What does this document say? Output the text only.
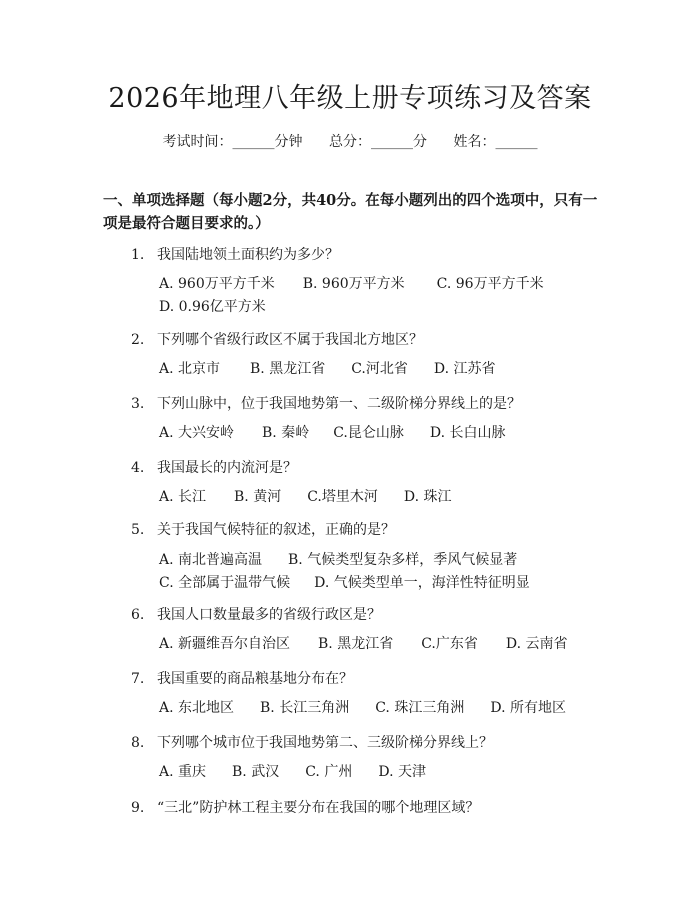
2026年地理八年级上册专项练习及答案
考试时间：______分钟 总分：______分 姓名：______
一、单项选择题（每小题2分，共40分。在每小题列出的四个选项中，只有一项是最符合题目要求的。）
1. 我国陆地领土面积约为多少？
A. 960万平方千米 B. 960万平方米 C. 96万平方千米D. 0.96亿平方米
2. 下列哪个省级行政区不属于我国北方地区？
A. 北京市 B. 黑龙江省 C.河北省 D. 江苏省
3. 下列山脉中，位于我国地势第一、二级阶梯分界线上的是？
A. 大兴安岭 B. 秦岭 C.昆仑山脉 D. 长白山脉
4. 我国最长的内流河是？
A. 长江 B. 黄河 C.塔里木河 D. 珠江
5. 关于我国气候特征的叙述，正确的是？
A. 南北普遍高温 B. 气候类型复杂多样，季风气候显著C. 全部属于温带气候 D. 气候类型单一，海洋性特征明显
6. 我国人口数量最多的省级行政区是？
A. 新疆维吾尔自治区 B. 黑龙江省 C.广东省 D. 云南省
7. 我国重要的商品粮基地分布在？
A. 东北地区 B. 长江三角洲 C. 珠江三角洲 D. 所有地区
8. 下列哪个城市位于我国地势第二、三级阶梯分界线上？
A. 重庆 B. 武汉 C. 广州 D. 天津
9. “三北”防护林工程主要分布在我国的哪个地理区域？
